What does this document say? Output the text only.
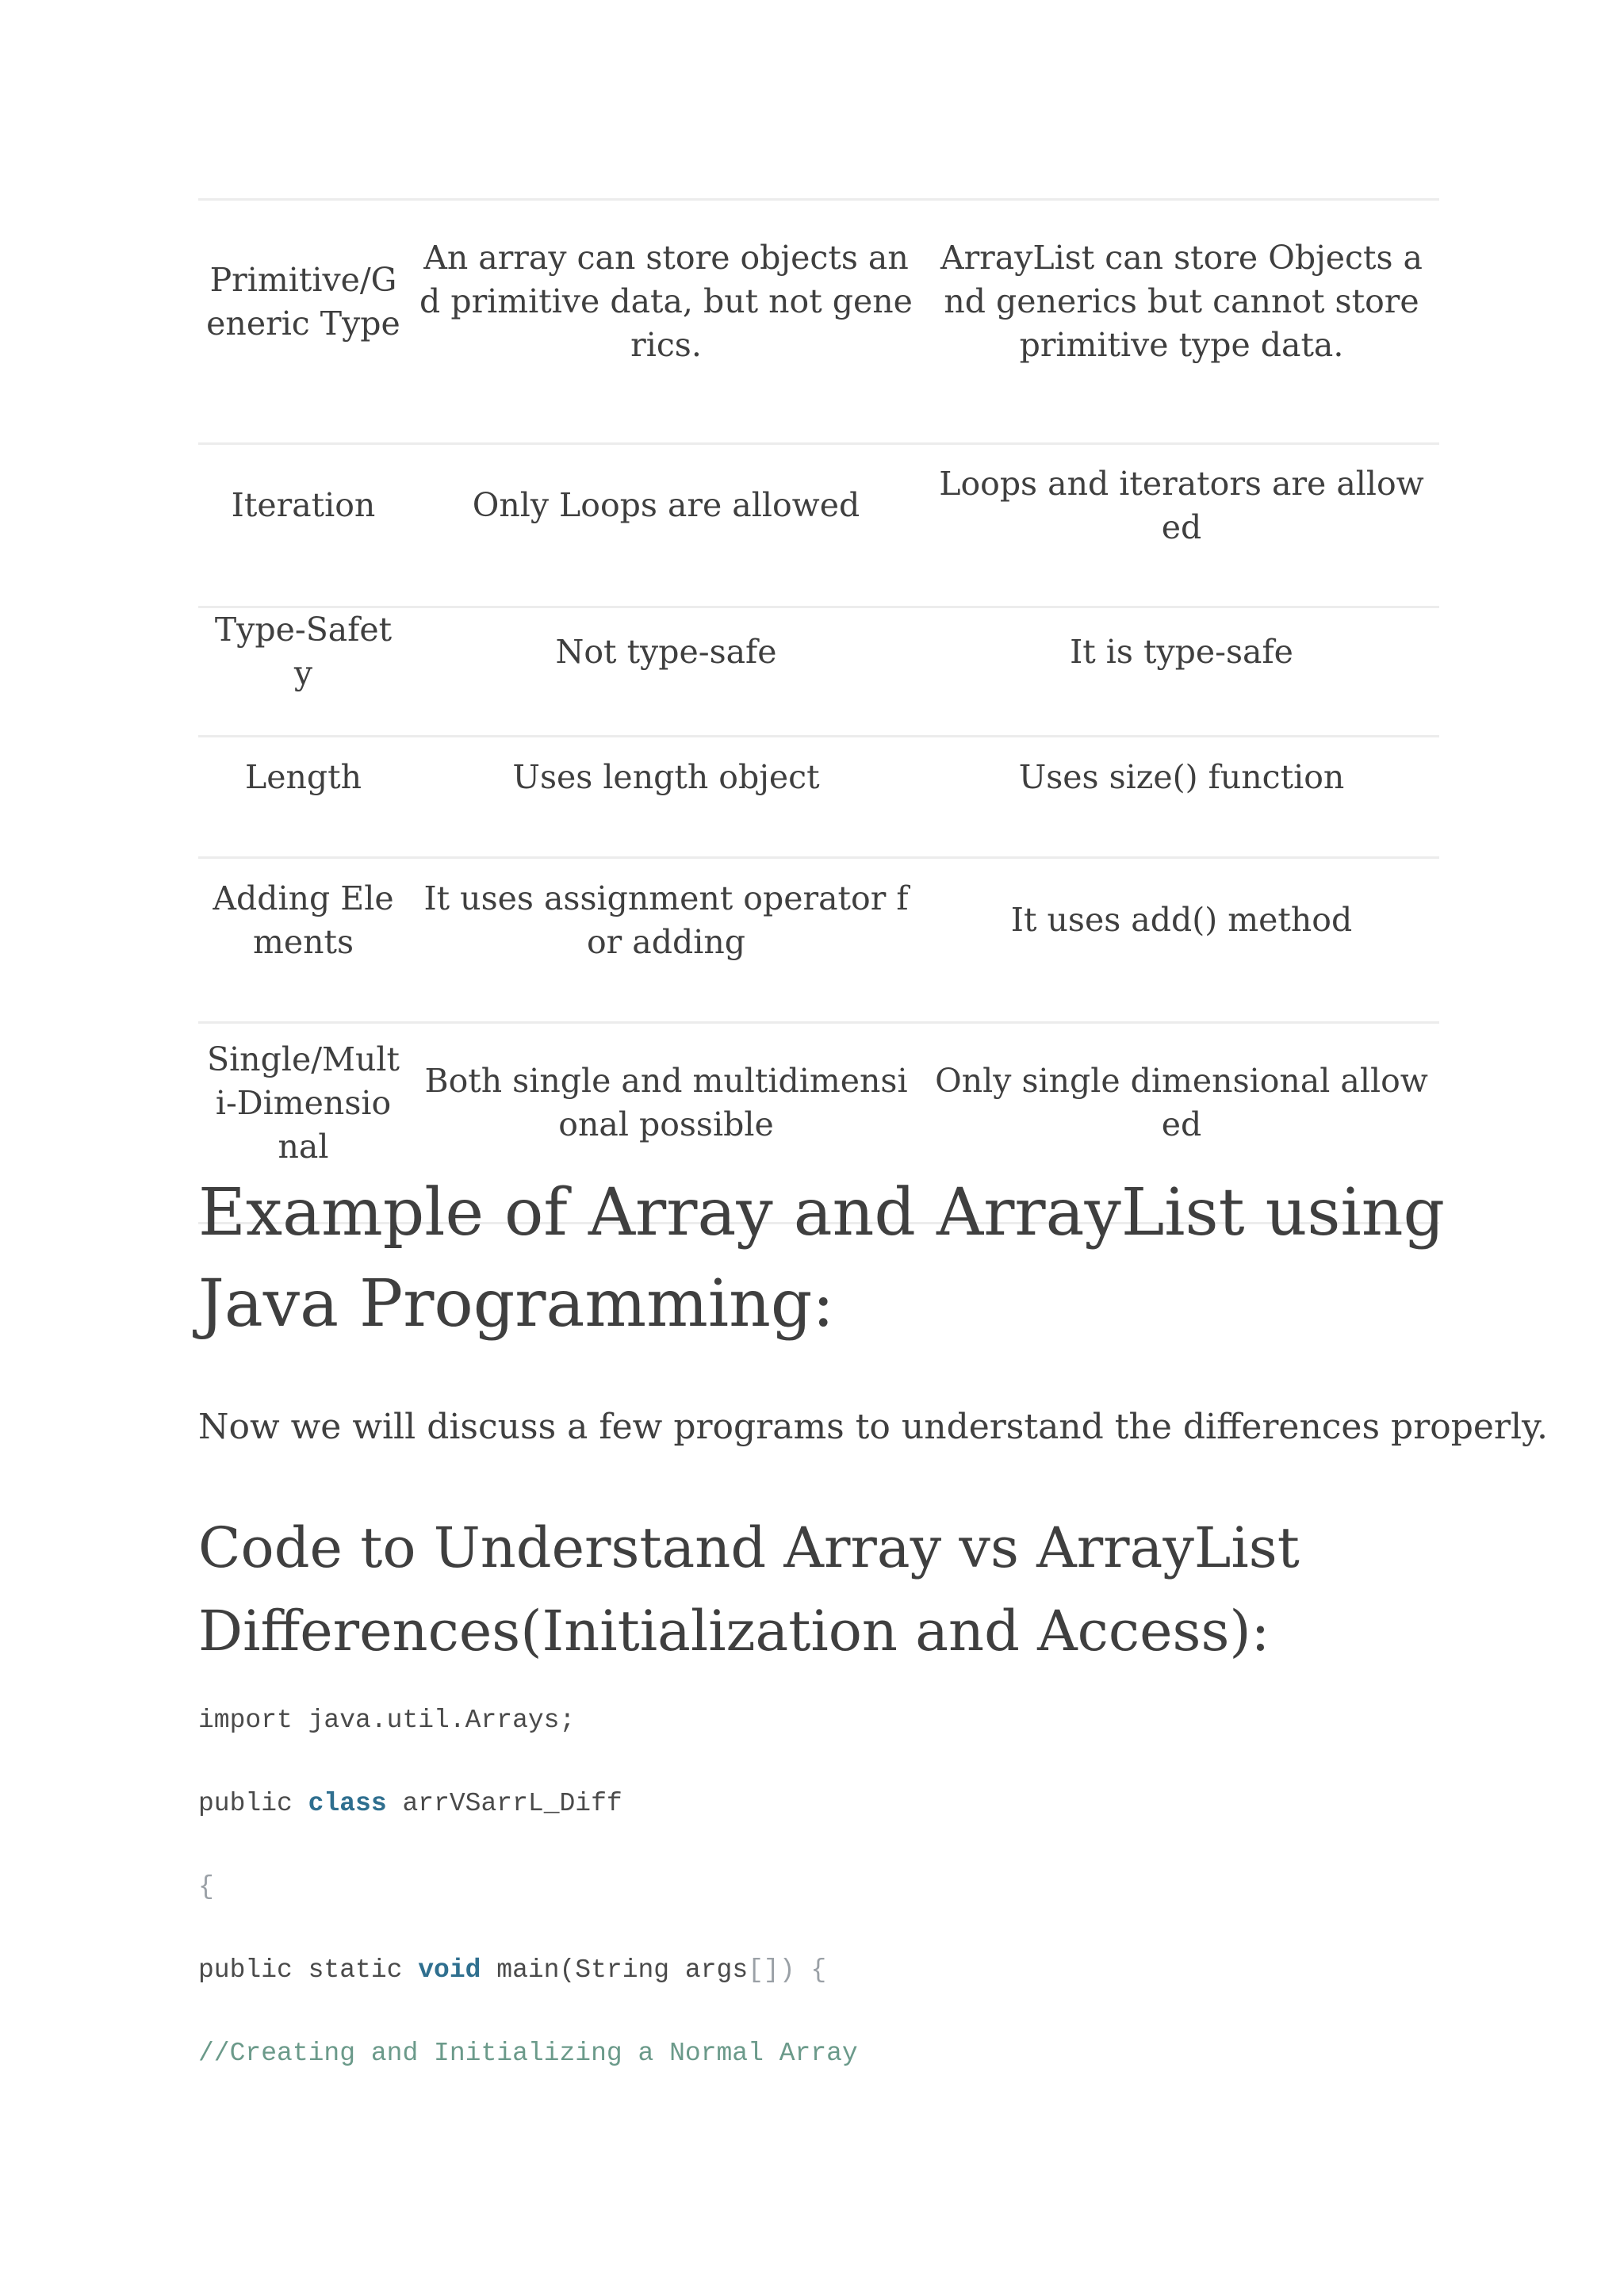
Primitive/Generic Type	An array can store objects and primitive data, but not generics.	ArrayList can store Objects and generics but cannot store primitive type data.
Iteration	Only Loops are allowed	Loops and iterators are allowed
Type-Safety	Not type-safe	It is type-safe
Length	Uses length object	Uses size() function
Adding Elements	It uses assignment operator for adding	It uses add() method
Single/Multi-Dimensional	Both single and multidimensional possible	Only single dimensional allowed
Example of Array and ArrayList using Java Programming:

Now we will discuss a few programs to understand the differences properly.

Code to Understand Array vs ArrayList Differences(Initialization and Access):
import java.util.Arrays;
public class arrVSarrL_Diff
{
public static void main(String args[]) {
//Creating and Initializing a Normal Array
